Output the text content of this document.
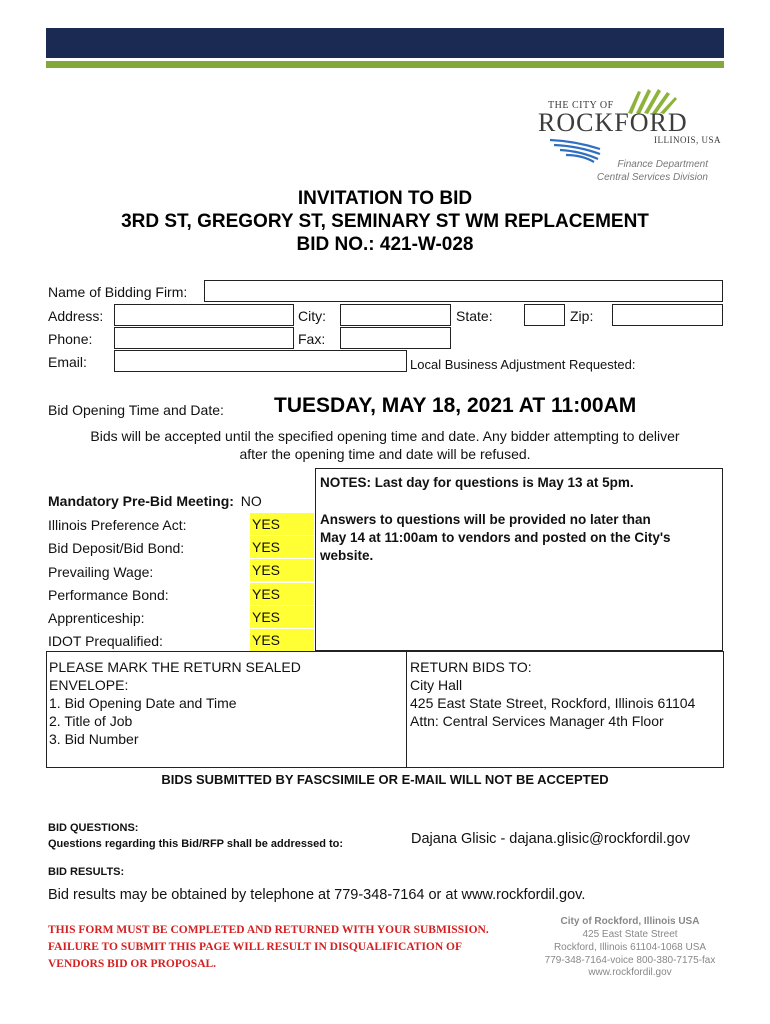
THE CITY OF
ROCKFORD
ILLINOIS, USA
Finance Department
Central Services Division
INVITATION TO BID
3RD ST, GREGORY ST, SEMINARY ST WM REPLACEMENT
BID NO.: 421-W-028
Name of Bidding Firm:
Address:	City:	State:	Zip:
Phone:	Fax:
Email:	Local Business Adjustment Requested:
Bid Opening Time and Date: TUESDAY, MAY 18, 2021 AT 11:00AM
Bids will be accepted until the specified opening time and date. Any bidder attempting to deliver
after the opening time and date will be refused.
Mandatory Pre-Bid Meeting: NO
Illinois Preference Act:	YES
Bid Deposit/Bid Bond:	YES
Prevailing Wage:	YES
Performance Bond:	YES
Apprenticeship:	YES
IDOT Prequalified:	YES
NOTES: Last day for questions is May 13 at 5pm.
Answers to questions will be provided no later than
May 14 at 11:00am to vendors and posted on the City's
website.
PLEASE MARK THE RETURN SEALED
ENVELOPE:
1. Bid Opening Date and Time
2. Title of Job
3. Bid Number
RETURN BIDS TO:
City Hall
425 East State Street, Rockford, Illinois 61104
Attn: Central Services Manager 4th Floor
BIDS SUBMITTED BY FASCSIMILE OR E-MAIL WILL NOT BE ACCEPTED
BID QUESTIONS:
Questions regarding this Bid/RFP shall be addressed to:	Dajana Glisic - dajana.glisic@rockfordil.gov
BID RESULTS:
Bid results may be obtained by telephone at 779-348-7164 or at www.rockfordil.gov.
THIS FORM MUST BE COMPLETED AND RETURNED WITH YOUR SUBMISSION.
FAILURE TO SUBMIT THIS PAGE WILL RESULT IN DISQUALIFICATION OF
VENDORS BID OR PROPOSAL.
City of Rockford, Illinois USA
425 East State Street
Rockford, Illinois 61104-1068 USA
779-348-7164-voice 800-380-7175-fax
www.rockfordil.gov
